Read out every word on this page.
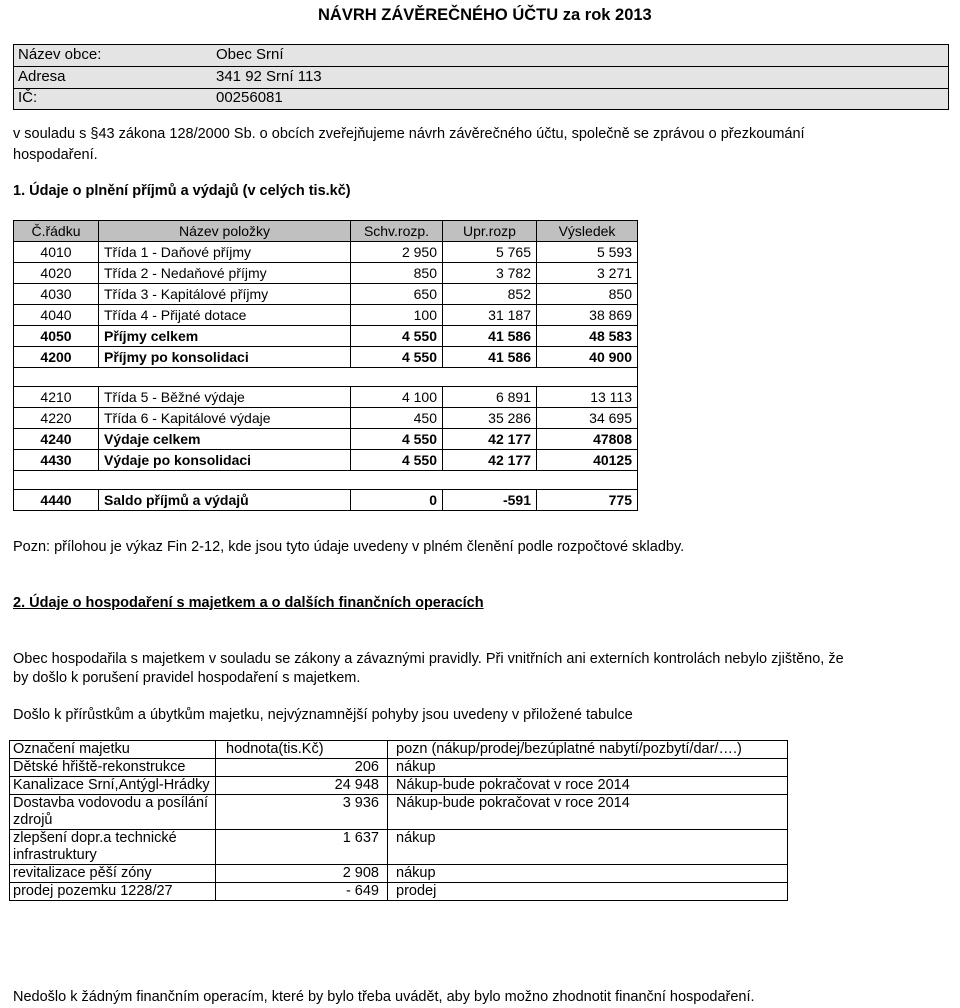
NÁVRH ZÁVĚREČNÉHO ÚČTU za rok 2013
Název obce:	Obec Srní
Adresa	341 92 Srní 113
IČ:	00256081
v souladu s §43 zákona 128/2000 Sb. o obcích zveřejňujeme návrh závěrečného účtu, společně se zprávou o přezkoumání
hospodaření.
1. Údaje o plnění příjmů a výdajů (v celých tis.kč)
Č.řádku	Název položky	Schv.rozp.	Upr.rozp	Výsledek
4010	Třída 1 - Daňové příjmy	2 950	5 765	5 593
4020	Třída 2 - Nedaňové příjmy	850	3 782	3 271
4030	Třída 3 - Kapitálové příjmy	650	852	850
4040	Třída 4 - Přijaté dotace	100	31 187	38 869
4050	Příjmy celkem	4 550	41 586	48 583
4200	Příjmy po konsolidaci	4 550	41 586	40 900

4210	Třída 5 - Běžné výdaje	4 100	6 891	13 113
4220	Třída 6 - Kapitálové výdaje	450	35 286	34 695
4240	Výdaje celkem	4 550	42 177	47808
4430	Výdaje po konsolidaci	4 550	42 177	40125

4440	Saldo příjmů a výdajů	0	-591	775
Pozn: přílohou je výkaz Fin 2-12, kde jsou tyto údaje uvedeny v plném členění podle rozpočtové skladby.
2. Údaje o hospodaření s majetkem a o dalších finančních operacích
Obec hospodařila s majetkem v souladu se zákony a závaznými pravidly. Při vnitřních ani externích kontrolách nebylo zjištěno, že
by došlo k porušení pravidel hospodaření s majetkem.
Došlo k přírůstkům a úbytkům majetku, nejvýznamnější pohyby jsou uvedeny v přiložené tabulce
Označení majetku	hodnota(tis.Kč)	pozn (nákup/prodej/bezúplatné nabytí/pozbytí/dar/….)
Dětské hřiště-rekonstrukce	206	nákup
Kanalizace Srní,Antýgl-Hrádky	24 948	Nákup-bude pokračovat v roce 2014
Dostavba vodovodu a posílání zdrojů	3 936	Nákup-bude pokračovat v roce 2014
zlepšení dopr.a technické infrastruktury	1 637	nákup
revitalizace pěší zóny	2 908	nákup
prodej pozemku 1228/27	- 649	prodej
Nedošlo k žádným finančním operacím, které by bylo třeba uvádět, aby bylo možno zhodnotit finanční hospodaření.
